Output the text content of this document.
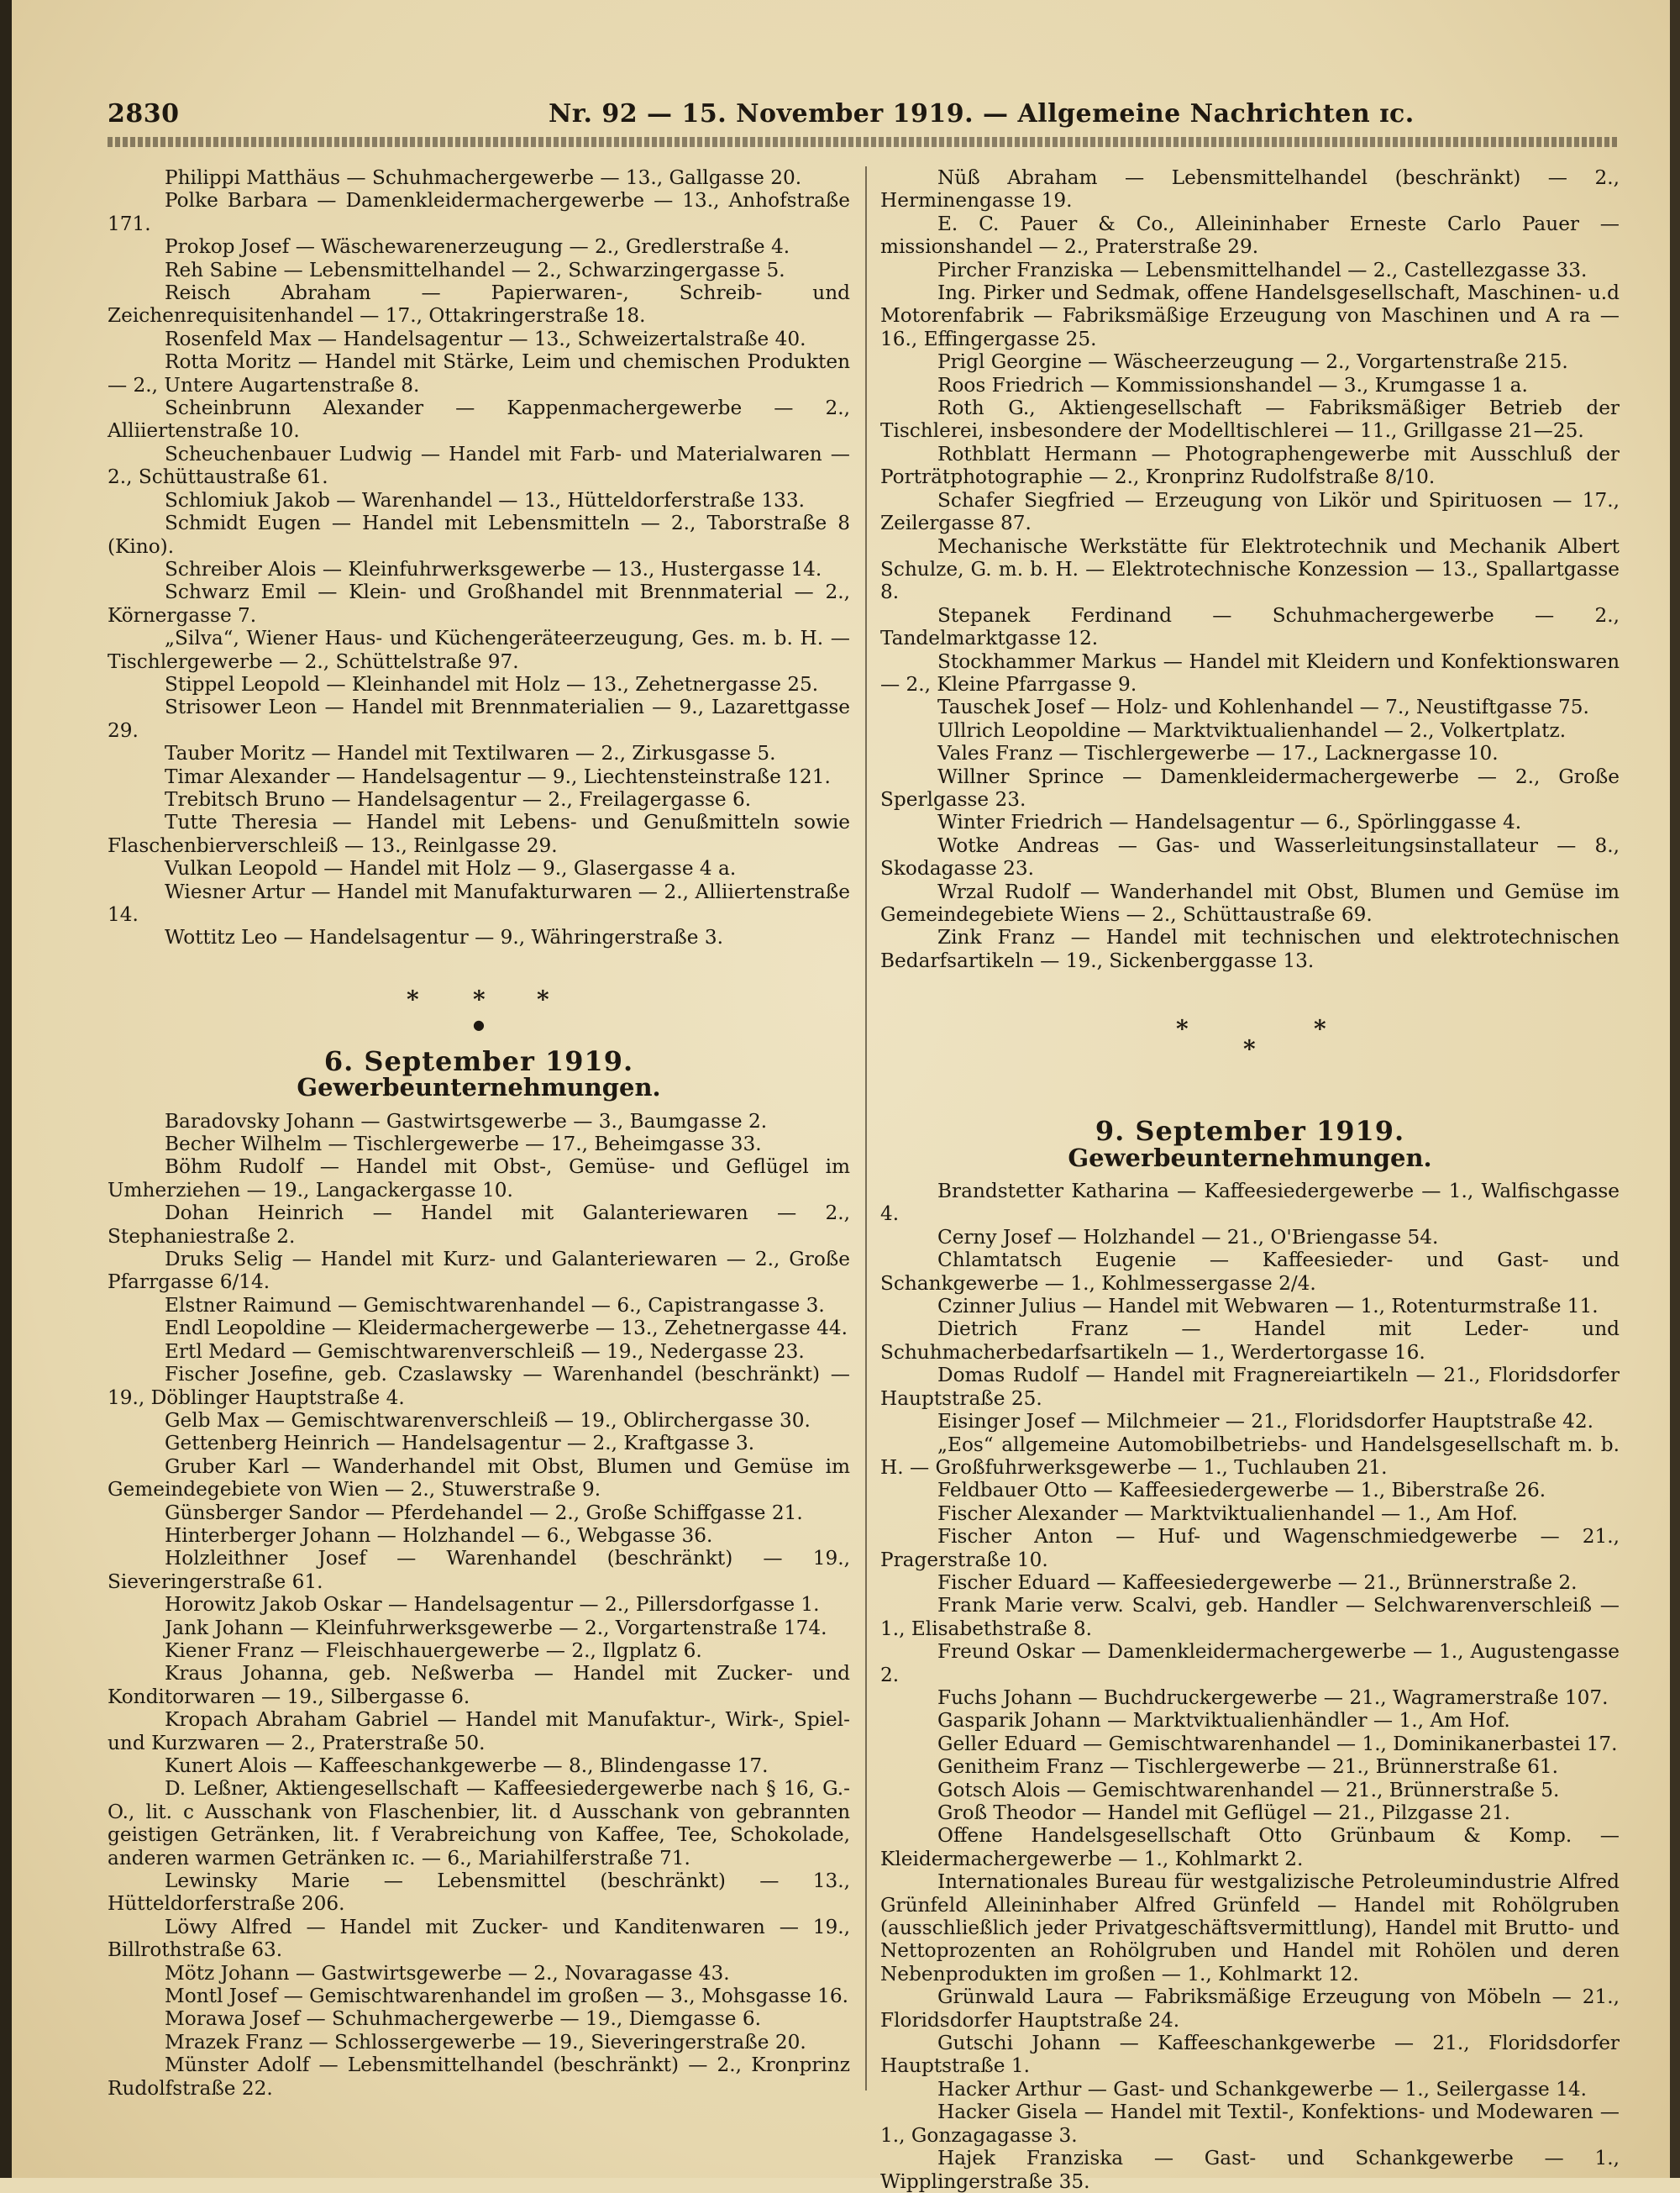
2830	Nr. 92 — 15. November 1919. — Allgemeine Nachrichten ɪc.

Philippi Matthäus — Schuhmachergewerbe — 13., Gallgasse 20.

Polke Barbara — Damenkleidermachergewerbe — 13., Anhofstraße 171.

Prokop Josef — Wäschewarenerzeugung — 2., Gredlerstraße 4.

Reh Sabine — Lebensmittelhandel — 2., Schwarzingergasse 5.

Reisch Abraham — Papierwaren-, Schreib- und Zeichenrequisitenhandel — 17., Ottakringerstraße 18.

Rosenfeld Max — Handelsagentur — 13., Schweizertalstraße 40.

Rotta Moritz — Handel mit Stärke, Leim und chemischen Produkten — 2., Untere Augartenstraße 8.

Scheinbrunn Alexander — Kappenmachergewerbe — 2., Alliiertenstraße 10.

Scheuchenbauer Ludwig — Handel mit Farb- und Materialwaren — 2., Schüttaustraße 61.

Schlomiuk Jakob — Warenhandel — 13., Hütteldorferstraße 133.

Schmidt Eugen — Handel mit Lebensmitteln — 2., Taborstraße 8 (Kino).

Schreiber Alois — Kleinfuhrwerksgewerbe — 13., Hustergasse 14.

Schwarz Emil — Klein- und Großhandel mit Brennmaterial — 2., Körnergasse 7.

„Silva“, Wiener Haus- und Küchengeräteerzeugung, Ges. m. b. H. — Tischlergewerbe — 2., Schüttelstraße 97.

Stippel Leopold — Kleinhandel mit Holz — 13., Zehetnergasse 25.

Strisower Leon — Handel mit Brennmaterialien — 9., Lazarettgasse 29.

Tauber Moritz — Handel mit Textilwaren — 2., Zirkusgasse 5.

Timar Alexander — Handelsagentur — 9., Liechtensteinstraße 121.

Trebitsch Bruno — Handelsagentur — 2., Freilagergasse 6.

Tutte Theresia — Handel mit Lebens- und Genußmitteln sowie Flaschenbierverschleiß — 13., Reinlgasse 29.

Vulkan Leopold — Handel mit Holz — 9., Glasergasse 4 a.

Wiesner Artur — Handel mit Manufakturwaren — 2., Alliiertenstraße 14.

Wottitz Leo — Handelsagentur — 9., Währingerstraße 3.

* * *
●

6. September 1919.

Gewerbeunternehmungen.

Baradovsky Johann — Gastwirtsgewerbe — 3., Baumgasse 2.

Becher Wilhelm — Tischlergewerbe — 17., Beheimgasse 33.

Böhm Rudolf — Handel mit Obst-, Gemüse- und Geflügel im Umherziehen — 19., Langackergasse 10.

Dohan Heinrich — Handel mit Galanteriewaren — 2., Stephaniestraße 2.

Druks Selig — Handel mit Kurz- und Galanteriewaren — 2., Große Pfarrgasse 6/14.

Elstner Raimund — Gemischtwarenhandel — 6., Capistrangasse 3.

Endl Leopoldine — Kleidermachergewerbe — 13., Zehetnergasse 44.

Ertl Medard — Gemischtwarenverschleiß — 19., Nedergasse 23.

Fischer Josefine, geb. Czaslawsky — Warenhandel (beschränkt) — 19., Döblinger Hauptstraße 4.

Gelb Max — Gemischtwarenverschleiß — 19., Oblirchergasse 30.

Gettenberg Heinrich — Handelsagentur — 2., Kraftgasse 3.

Gruber Karl — Wanderhandel mit Obst, Blumen und Gemüse im Gemeindegebiete von Wien — 2., Stuwerstraße 9.

Günsberger Sandor — Pferdehandel — 2., Große Schiffgasse 21.

Hinterberger Johann — Holzhandel — 6., Webgasse 36.

Holzleithner Josef — Warenhandel (beschränkt) — 19., Sieveringerstraße 61.

Horowitz Jakob Oskar — Handelsagentur — 2., Pillersdorfgasse 1.

Jank Johann — Kleinfuhrwerksgewerbe — 2., Vorgartenstraße 174.

Kiener Franz — Fleischhauergewerbe — 2., Ilgplatz 6.

Kraus Johanna, geb. Neßwerba — Handel mit Zucker- und Konditorwaren — 19., Silbergasse 6.

Kropach Abraham Gabriel — Handel mit Manufaktur-, Wirk-, Spiel- und Kurzwaren — 2., Praterstraße 50.

Kunert Alois — Kaffeeschankgewerbe — 8., Blindengasse 17.

D. Leßner, Aktiengesellschaft — Kaffeesiedergewerbe nach § 16, G.-O., lit. c Ausschank von Flaschenbier, lit. d Ausschank von gebrannten geistigen Getränken, lit. f Verabreichung von Kaffee, Tee, Schokolade, anderen warmen Getränken ɪc. — 6., Mariahilferstraße 71.

Lewinsky Marie — Lebensmittel (beschränkt) — 13., Hütteldorferstraße 206.

Löwy Alfred — Handel mit Zucker- und Kanditenwaren — 19., Billrothstraße 63.

Mötz Johann — Gastwirtsgewerbe — 2., Novaragasse 43.

Montl Josef — Gemischtwarenhandel im großen — 3., Mohsgasse 16.

Morawa Josef — Schuhmachergewerbe — 19., Diemgasse 6.

Mrazek Franz — Schlossergewerbe — 19., Sieveringerstraße 20.

Münster Adolf — Lebensmittelhandel (beschränkt) — 2., Kronprinz Rudolfstraße 22.

Nüß Abraham — Lebensmittelhandel (beschränkt) — 2., Herminengasse 19.

E. C. Pauer & Co., Alleininhaber Erneste Carlo Pauer — missionshandel — 2., Praterstraße 29.

Pircher Franziska — Lebensmittelhandel — 2., Castellezgasse 33.

Ing. Pirker und Sedmak, offene Handelsgesellschaft, Maschinen- u.d Motorenfabrik — Fabriksmäßige Erzeugung von Maschinen und A ra — 16., Effingergasse 25.

Prigl Georgine — Wäscheerzeugung — 2., Vorgartenstraße 215.

Roos Friedrich — Kommissionshandel — 3., Krumgasse 1 a.

Roth G., Aktiengesellschaft — Fabriksmäßiger Betrieb der Tischlerei, insbesondere der Modelltischlerei — 11., Grillgasse 21—25.

Rothblatt Hermann — Photographengewerbe mit Ausschluß der Porträtphotographie — 2., Kronprinz Rudolfstraße 8/10.

Schafer Siegfried — Erzeugung von Likör und Spirituosen — 17., Zeilergasse 87.

Mechanische Werkstätte für Elektrotechnik und Mechanik Albert Schulze, G. m. b. H. — Elektrotechnische Konzession — 13., Spallartgasse 8.

Stepanek Ferdinand — Schuhmachergewerbe — 2., Tandelmarktgasse 12.

Stockhammer Markus — Handel mit Kleidern und Konfektionswaren — 2., Kleine Pfarrgasse 9.

Tauschek Josef — Holz- und Kohlenhandel — 7., Neustiftgasse 75.

Ullrich Leopoldine — Marktviktualienhandel — 2., Volkertplatz.

Vales Franz — Tischlergewerbe — 17., Lacknergasse 10.

Willner Sprince — Damenkleidermachergewerbe — 2., Große Sperlgasse 23.

Winter Friedrich — Handelsagentur — 6., Spörlinggasse 4.

Wotke Andreas — Gas- und Wasserleitungsinstallateur — 8., Skodagasse 23.

Wrzal Rudolf — Wanderhandel mit Obst, Blumen und Gemüse im Gemeindegebiete Wiens — 2., Schüttaustraße 69.

Zink Franz — Handel mit technischen und elektrotechnischen Bedarfsartikeln — 19., Sickenberggasse 13.

*
*
*

9. September 1919.

Gewerbeunternehmungen.

Brandstetter Katharina — Kaffeesiedergewerbe — 1., Walfischgasse 4.

Cerny Josef — Holzhandel — 21., O'Briengasse 54.

Chlamtatsch Eugenie — Kaffeesieder- und Gast- und Schankgewerbe — 1., Kohlmessergasse 2/4.

Czinner Julius — Handel mit Webwaren — 1., Rotenturmstraße 11.

Dietrich Franz — Handel mit Leder- und Schuhmacherbedarfsartikeln — 1., Werdertorgasse 16.

Domas Rudolf — Handel mit Fragnereiartikeln — 21., Floridsdorfer Hauptstraße 25.

Eisinger Josef — Milchmeier — 21., Floridsdorfer Hauptstraße 42.

„Eos“ allgemeine Automobilbetriebs- und Handelsgesellschaft m. b. H. — Großfuhrwerksgewerbe — 1., Tuchlauben 21.

Feldbauer Otto — Kaffeesiedergewerbe — 1., Biberstraße 26.

Fischer Alexander — Marktviktualienhandel — 1., Am Hof.

Fischer Anton — Huf- und Wagenschmiedgewerbe — 21., Pragerstraße 10.

Fischer Eduard — Kaffeesiedergewerbe — 21., Brünnerstraße 2.

Frank Marie verw. Scalvi, geb. Handler — Selchwarenverschleiß — 1., Elisabethstraße 8.

Freund Oskar — Damenkleidermachergewerbe — 1., Augustengasse 2.

Fuchs Johann — Buchdruckergewerbe — 21., Wagramerstraße 107.

Gasparik Johann — Marktviktualienhändler — 1., Am Hof.

Geller Eduard — Gemischtwarenhandel — 1., Dominikanerbastei 17.

Genitheim Franz — Tischlergewerbe — 21., Brünnerstraße 61.

Gotsch Alois — Gemischtwarenhandel — 21., Brünnerstraße 5.

Groß Theodor — Handel mit Geflügel — 21., Pilzgasse 21.

Offene Handelsgesellschaft Otto Grünbaum & Komp. — Kleidermachergewerbe — 1., Kohlmarkt 2.

Internationales Bureau für westgalizische Petroleumindustrie Alfred Grünfeld Alleininhaber Alfred Grünfeld — Handel mit Rohölgruben (ausschließlich jeder Privatgeschäftsvermittlung), Handel mit Brutto- und Nettoprozenten an Rohölgruben und Handel mit Rohölen und deren Nebenprodukten im großen — 1., Kohlmarkt 12.

Grünwald Laura — Fabriksmäßige Erzeugung von Möbeln — 21., Floridsdorfer Hauptstraße 24.

Gutschi Johann — Kaffeeschankgewerbe — 21., Floridsdorfer Hauptstraße 1.

Hacker Arthur — Gast- und Schankgewerbe — 1., Seilergasse 14.

Hacker Gisela — Handel mit Textil-, Konfektions- und Modewaren — 1., Gonzagagasse 3.

Hajek Franziska — Gast- und Schankgewerbe — 1., Wipplingerstraße 35.
